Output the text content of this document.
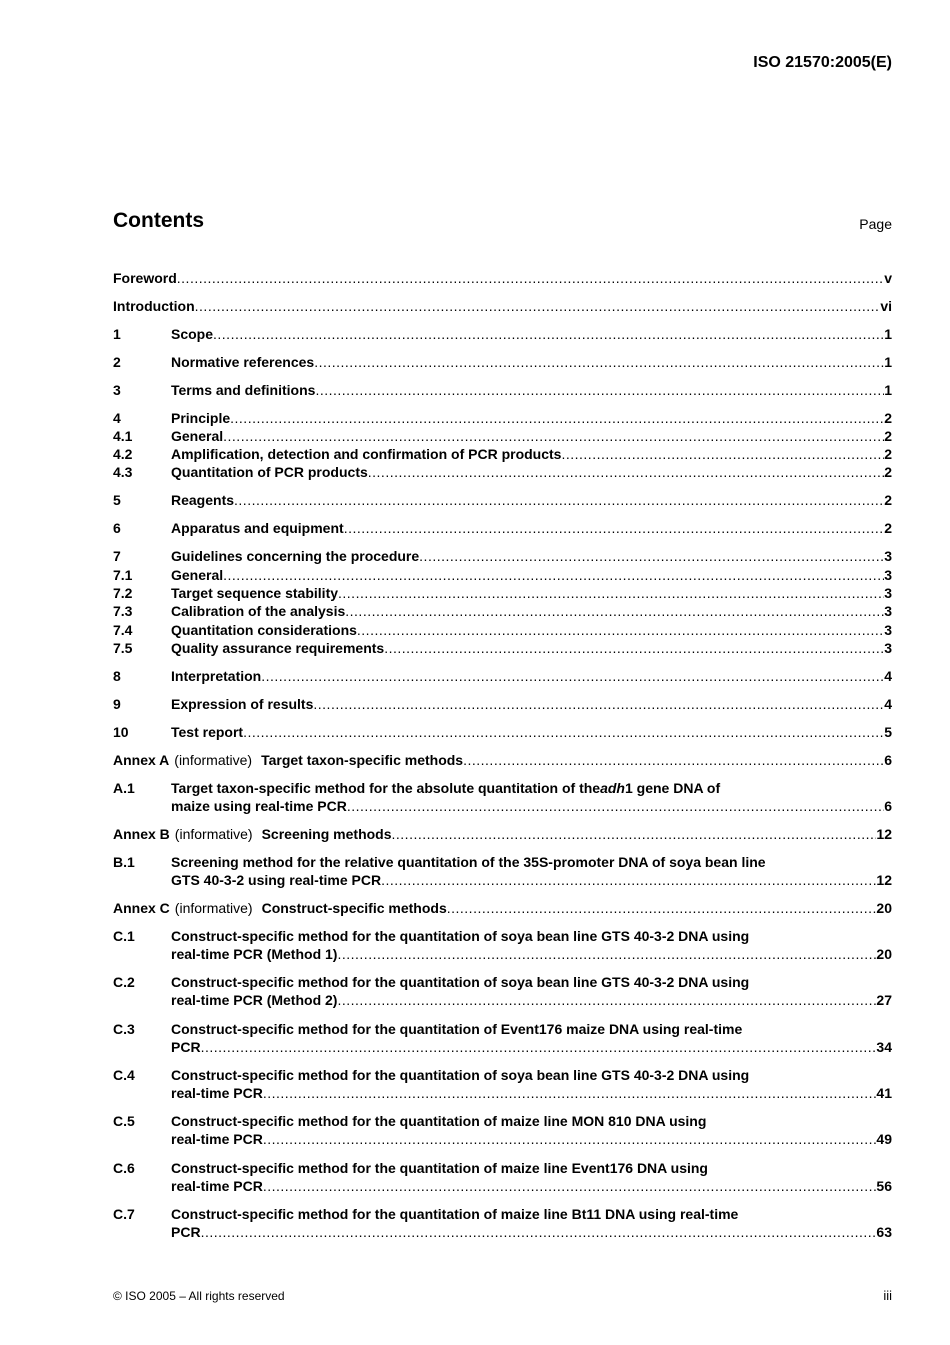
ISO 21570:2005(E)
Contents	Page
Foreword .....	v
Introduction .....	vi
1	Scope .....	1
2	Normative references .....	1
3	Terms and definitions .....	1
4	Principle .....	2
4.1	General .....	2
4.2	Amplification, detection and confirmation of PCR products .....	2
4.3	Quantitation of PCR products .....	2
5	Reagents .....	2
6	Apparatus and equipment .....	2
7	Guidelines concerning the procedure .....	3
7.1	General .....	3
7.2	Target sequence stability .....	3
7.3	Calibration of the analysis .....	3
7.4	Quantitation considerations .....	3
7.5	Quality assurance requirements .....	3
8	Interpretation .....	4
9	Expression of results .....	4
10	Test report .....	5
Annex A (informative) Target taxon-specific methods .....	6
A.1	Target taxon-specific method for the absolute quantitation of the adh 1 gene DNA of
maize using real-time PCR .....	6
Annex B (informative) Screening methods .....	12
B.1	Screening method for the relative quantitation of the 35S-promoter DNA of soya bean line
GTS 40-3-2 using real-time PCR .....	12
Annex C (informative) Construct-specific methods .....	20
C.1	Construct-specific method for the quantitation of soya bean line GTS 40-3-2 DNA using
real-time PCR (Method 1) .....	20
C.2	Construct-specific method for the quantitation of soya bean line GTS 40-3-2 DNA using
real-time PCR (Method 2) .....	27
C.3	Construct-specific method for the quantitation of Event176 maize DNA using real-time
PCR .....	34
C.4	Construct-specific method for the quantitation of soya bean line GTS 40-3-2 DNA using
real-time PCR .....	41
C.5	Construct-specific method for the quantitation of maize line MON 810 DNA using
real-time PCR .....	49
C.6	Construct-specific method for the quantitation of maize line Event176 DNA using
real-time PCR .....	56
C.7	Construct-specific method for the quantitation of maize line Bt11 DNA using real-time
PCR .....	63
© ISO 2005 – All rights reserved	iii
